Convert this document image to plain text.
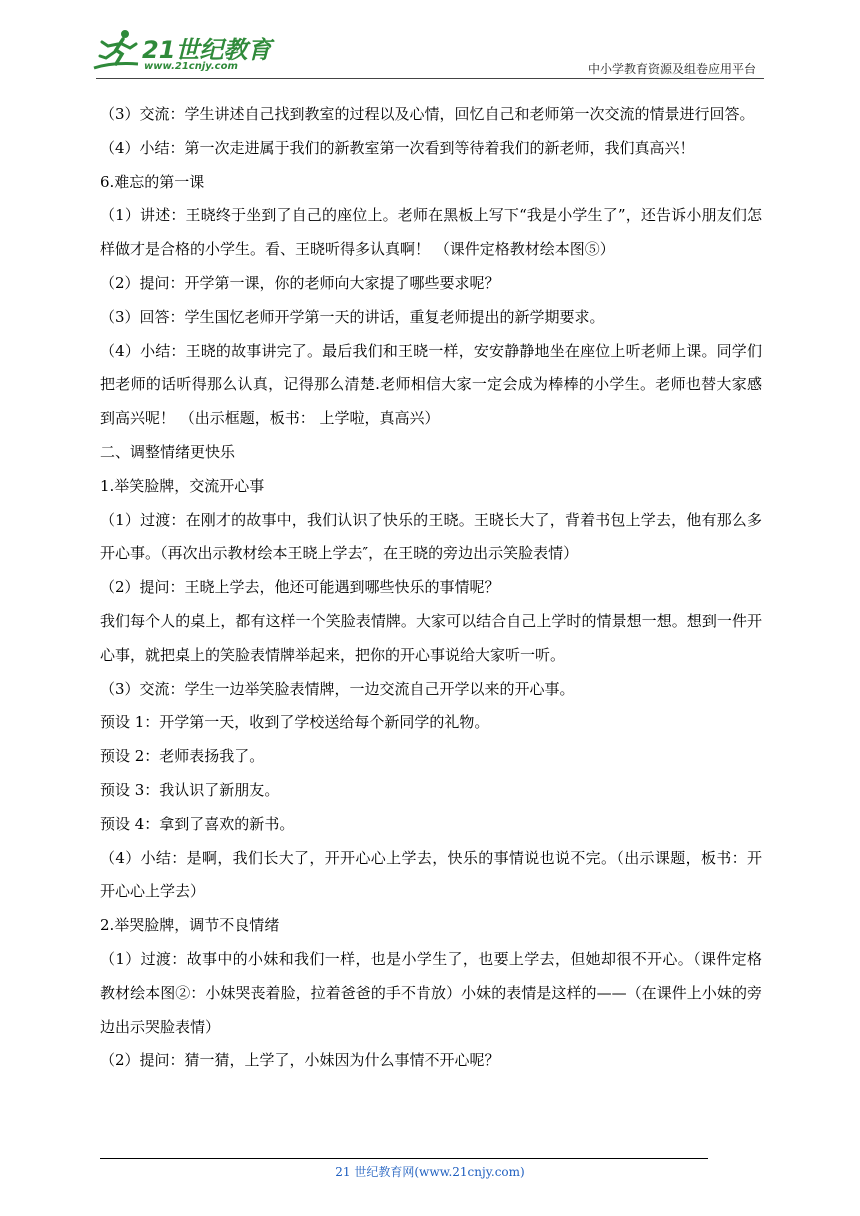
21世纪教育
www.21cnjy.com	中小学教育资源及组卷应用平台
（3）交流：学生讲述自己找到教室的过程以及心情，回忆自己和老师第一次交流的情景进行回答。
（4）小结：第一次走进属于我们的新教室第一次看到等待着我们的新老师，我们真高兴！
6.难忘的第一课
（1）讲述：王晓终于坐到了自己的座位上。老师在黑板上写下“我是小学生了”，还告诉小朋友们怎样做才是合格的小学生。看、王晓听得多认真啊！ （课件定格教材绘本图⑤）
（2）提问：开学第一课，你的老师向大家提了哪些要求呢？
（3）回答：学生国忆老师开学第一天的讲话，重复老师提出的新学期要求。
（4）小结：王晓的故事讲完了。最后我们和王晓一样，安安静静地坐在座位上听老师上课。同学们把老师的话听得那么认真，记得那么清楚.老师相信大家一定会成为棒棒的小学生。老师也替大家感到高兴呢！ （出示框题，板书： 上学啦，真高兴）
二、调整情绪更快乐
1.举笑脸牌，交流开心事
（1）过渡：在刚才的故事中，我们认识了快乐的王晓。王晓长大了，背着书包上学去，他有那么多开心事。（再次出示教材绘本王晓上学去″，在王晓的旁边出示笑脸表情）
（2）提问：王晓上学去，他还可能遇到哪些快乐的事情呢？
我们每个人的桌上，都有这样一个笑脸表情牌。大家可以结合自己上学时的情景想一想。想到一件开心事，就把桌上的笑脸表情牌举起来，把你的开心事说给大家听一听。
（3）交流：学生一边举笑脸表情牌，一边交流自己开学以来的开心事。
预设 1：开学第一天，收到了学校送给每个新同学的礼物。
预设 2：老师表扬我了。
预设 3：我认识了新朋友。
预设 4：拿到了喜欢的新书。
（4）小结：是啊，我们长大了，开开心心上学去，快乐的事情说也说不完。（出示课题，板书：开开心心上学去）
2.举哭脸牌，调节不良情绪
（1）过渡：故事中的小妹和我们一样，也是小学生了，也要上学去，但她却很不开心。（课件定格教材绘本图②：小妹哭丧着脸，拉着爸爸的手不肯放）小妹的表情是这样的——（在课件上小妹的旁边出示哭脸表情）
（2）提问：猜一猜，上学了，小妹因为什么事情不开心呢？
21 世纪教育网(www.21cnjy.com)
